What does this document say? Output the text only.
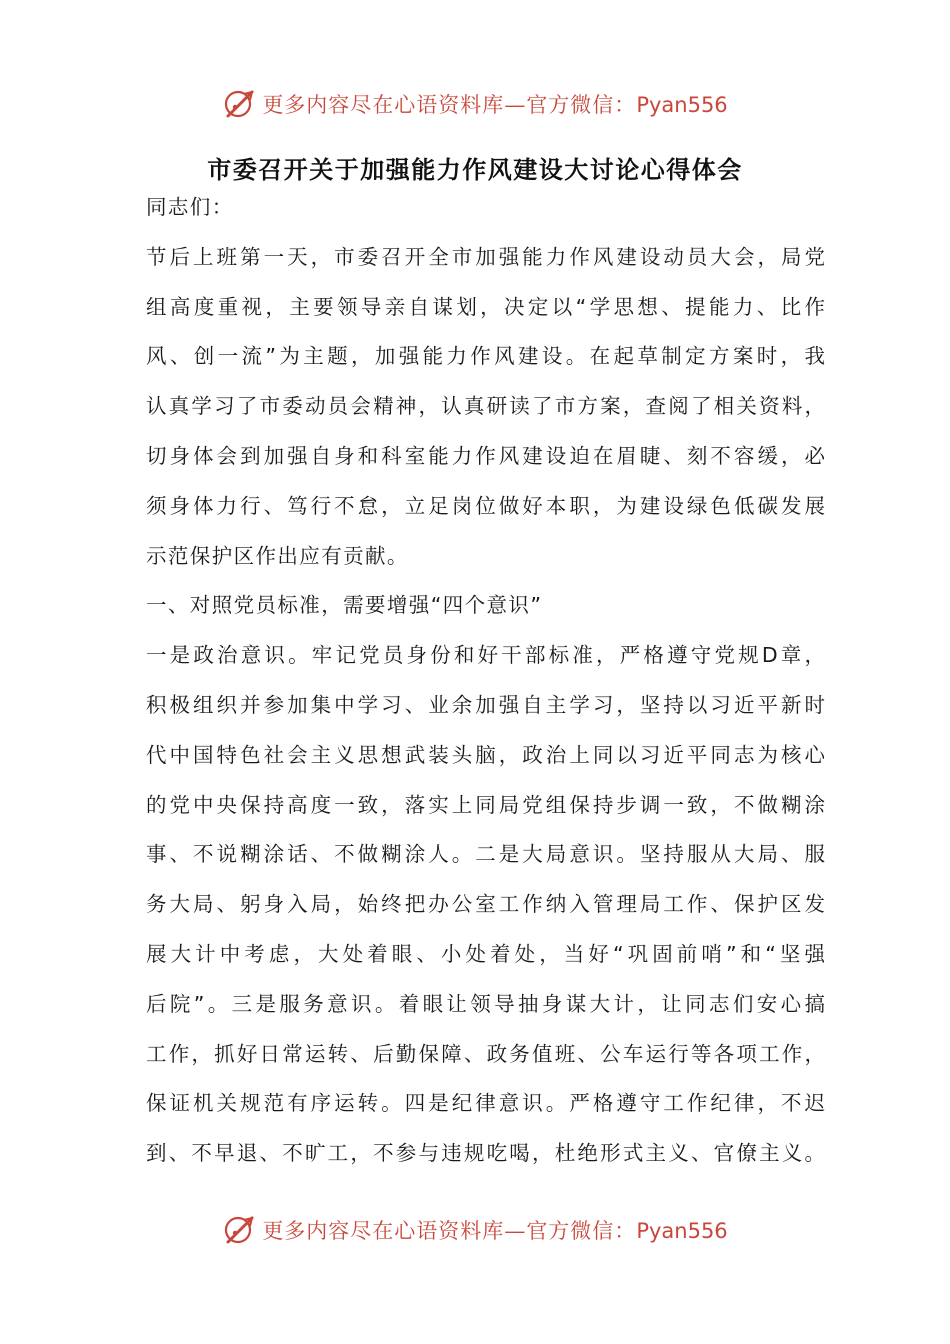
更多内容尽在心语资料库—官方微信：Pyan556
市委召开关于加强能力作风建设大讨论心得体会
同志们：
节后上班第一天，市委召开全市加强能力作风建设动员大会，局党
组高度重视，主要领导亲自谋划，决定以“学思想、提能力、比作
风、创一流”为主题，加强能力作风建设。在起草制定方案时，我
认真学习了市委动员会精神，认真研读了市方案，查阅了相关资料，
切身体会到加强自身和科室能力作风建设迫在眉睫、刻不容缓，必
须身体力行、笃行不怠，立足岗位做好本职，为建设绿色低碳发展
示范保护区作出应有贡献。
一、对照党员标准，需要增强“四个意识”
一是政治意识。牢记党员身份和好干部标准，严格遵守党规D章，
积极组织并参加集中学习、业余加强自主学习，坚持以习近平新时
代中国特色社会主义思想武装头脑，政治上同以习近平同志为核心
的党中央保持高度一致，落实上同局党组保持步调一致，不做糊涂
事、不说糊涂话、不做糊涂人。二是大局意识。坚持服从大局、服
务大局、躬身入局，始终把办公室工作纳入管理局工作、保护区发
展大计中考虑，大处着眼、小处着处，当好“巩固前哨”和“坚强
后院”。三是服务意识。着眼让领导抽身谋大计，让同志们安心搞
工作，抓好日常运转、后勤保障、政务值班、公车运行等各项工作，
保证机关规范有序运转。四是纪律意识。严格遵守工作纪律，不迟
到、不早退、不旷工，不参与违规吃喝，杜绝形式主义、官僚主义。
更多内容尽在心语资料库—官方微信：Pyan556
